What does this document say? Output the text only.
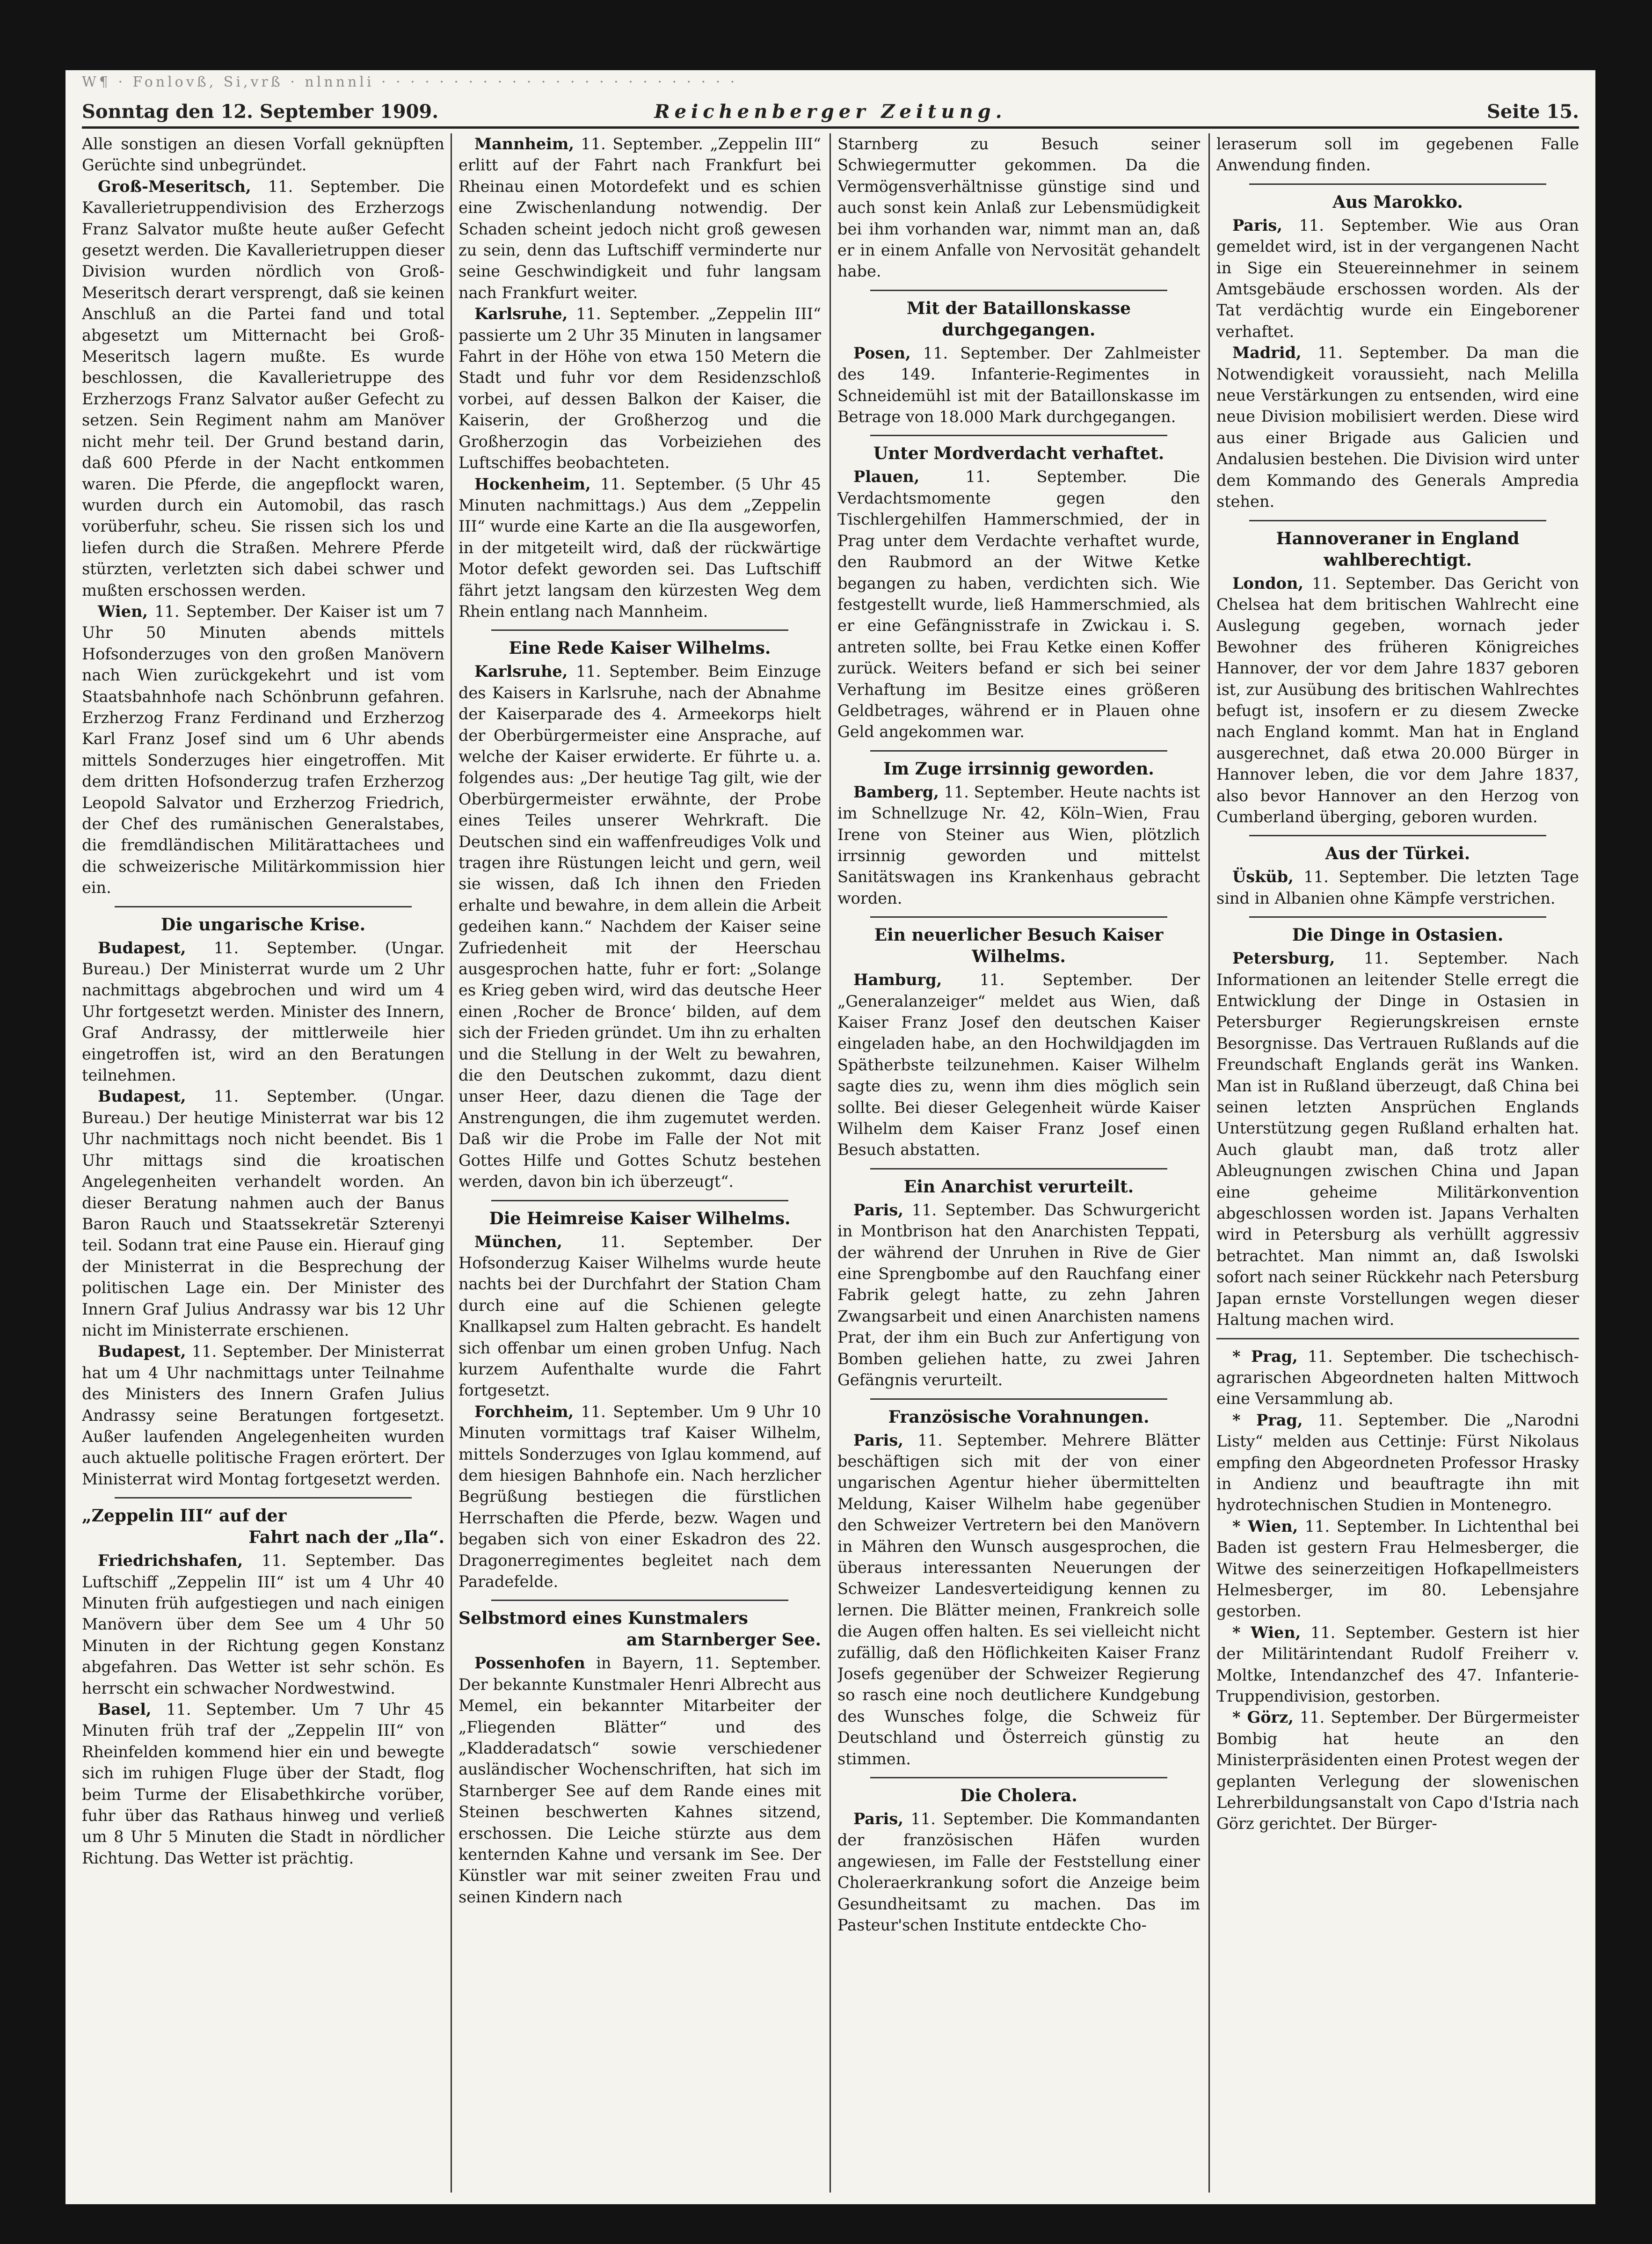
W¶ · Fonlovß, Si,vrß · nlnnnli · · · · · · · · · · · · · · · · · · · · · · · · ·
Reichenberger Zeitung.
Sonntag den 12. September 1909.	Seite 15.

Alle sonstigen an diesen Vorfall geknüpften Gerüchte sind unbegründet.

Groß-Meseritsch, 11. September. Die Kavallerietruppendivision des Erzherzogs Franz Salvator mußte heute außer Gefecht gesetzt werden. Die Kavallerietruppen dieser Division wurden nördlich von Groß-Meseritsch derart versprengt, daß sie keinen Anschluß an die Partei fand und total abgesetzt um Mitternacht bei Groß-Meseritsch lagern mußte. Es wurde beschlossen, die Kavallerietruppe des Erzherzogs Franz Salvator außer Gefecht zu setzen. Sein Regiment nahm am Manöver nicht mehr teil. Der Grund bestand darin, daß 600 Pferde in der Nacht entkommen waren. Die Pferde, die angepflockt waren, wurden durch ein Automobil, das rasch vorüberfuhr, scheu. Sie rissen sich los und liefen durch die Straßen. Mehrere Pferde stürzten, verletzten sich dabei schwer und mußten erschossen werden.

Wien, 11. September. Der Kaiser ist um 7 Uhr 50 Minuten abends mittels Hofsonderzuges von den großen Manövern nach Wien zurückgekehrt und ist vom Staatsbahnhofe nach Schönbrunn gefahren. Erzherzog Franz Ferdinand und Erzherzog Karl Franz Josef sind um 6 Uhr abends mittels Sonderzuges hier eingetroffen. Mit dem dritten Hofsonderzug trafen Erzherzog Leopold Salvator und Erzherzog Friedrich, der Chef des rumänischen Generalstabes, die fremdländischen Militärattachees und die schweizerische Militärkommission hier ein.

Die ungarische Krise.

Budapest, 11. September. (Ungar. Bureau.) Der Ministerrat wurde um 2 Uhr nachmittags abgebrochen und wird um 4 Uhr fortgesetzt werden. Minister des Innern, Graf Andrassy, der mittlerweile hier eingetroffen ist, wird an den Beratungen teilnehmen.

Budapest, 11. September. (Ungar. Bureau.) Der heutige Ministerrat war bis 12 Uhr nachmittags noch nicht beendet. Bis 1 Uhr mittags sind die kroatischen Angelegenheiten verhandelt worden. An dieser Beratung nahmen auch der Banus Baron Rauch und Staatssekretär Szterenyi teil. Sodann trat eine Pause ein. Hierauf ging der Ministerrat in die Besprechung der politischen Lage ein. Der Minister des Innern Graf Julius Andrassy war bis 12 Uhr nicht im Ministerrate erschienen.

Budapest, 11. September. Der Ministerrat hat um 4 Uhr nachmittags unter Teilnahme des Ministers des Innern Grafen Julius Andrassy seine Beratungen fortgesetzt. Außer laufenden Angelegenheiten wurden auch aktuelle politische Fragen erörtert. Der Ministerrat wird Montag fortgesetzt werden.

„Zeppelin III“ auf der
Fahrt nach der „Ila“.

Friedrichshafen, 11. September. Das Luftschiff „Zeppelin III“ ist um 4 Uhr 40 Minuten früh aufgestiegen und nach einigen Manövern über dem See um 4 Uhr 50 Minuten in der Richtung gegen Konstanz abgefahren. Das Wetter ist sehr schön. Es herrscht ein schwacher Nordwestwind.

Basel, 11. September. Um 7 Uhr 45 Minuten früh traf der „Zeppelin III“ von Rheinfelden kommend hier ein und bewegte sich im ruhigen Fluge über der Stadt, flog beim Turme der Elisabethkirche vorüber, fuhr über das Rathaus hinweg und verließ um 8 Uhr 5 Minuten die Stadt in nördlicher Richtung. Das Wetter ist prächtig.

Mannheim, 11. September. „Zeppelin III“ erlitt auf der Fahrt nach Frankfurt bei Rheinau einen Motordefekt und es schien eine Zwischenlandung notwendig. Der Schaden scheint jedoch nicht groß gewesen zu sein, denn das Luftschiff verminderte nur seine Geschwindigkeit und fuhr langsam nach Frankfurt weiter.

Karlsruhe, 11. September. „Zeppelin III“ passierte um 2 Uhr 35 Minuten in langsamer Fahrt in der Höhe von etwa 150 Metern die Stadt und fuhr vor dem Residenzschloß vorbei, auf dessen Balkon der Kaiser, die Kaiserin, der Großherzog und die Großherzogin das Vorbeiziehen des Luftschiffes beobachteten.

Hockenheim, 11. September. (5 Uhr 45 Minuten nachmittags.) Aus dem „Zeppelin III“ wurde eine Karte an die Ila ausgeworfen, in der mitgeteilt wird, daß der rückwärtige Motor defekt geworden sei. Das Luftschiff fährt jetzt langsam den kürzesten Weg dem Rhein entlang nach Mannheim.

Eine Rede Kaiser Wilhelms.

Karlsruhe, 11. September. Beim Einzuge des Kaisers in Karlsruhe, nach der Abnahme der Kaiserparade des 4. Armeekorps hielt der Oberbürgermeister eine Ansprache, auf welche der Kaiser erwiderte. Er führte u. a. folgendes aus: „Der heutige Tag gilt, wie der Oberbürgermeister erwähnte, der Probe eines Teiles unserer Wehrkraft. Die Deutschen sind ein waffenfreudiges Volk und tragen ihre Rüstungen leicht und gern, weil sie wissen, daß Ich ihnen den Frieden erhalte und bewahre, in dem allein die Arbeit gedeihen kann.“ Nachdem der Kaiser seine Zufriedenheit mit der Heerschau ausgesprochen hatte, fuhr er fort: „Solange es Krieg geben wird, wird das deutsche Heer einen ‚Rocher de Bronce‘ bilden, auf dem sich der Frieden gründet. Um ihn zu erhalten und die Stellung in der Welt zu bewahren, die den Deutschen zukommt, dazu dient unser Heer, dazu dienen die Tage der Anstrengungen, die ihm zugemutet werden. Daß wir die Probe im Falle der Not mit Gottes Hilfe und Gottes Schutz bestehen werden, davon bin ich überzeugt“.

Die Heimreise Kaiser Wilhelms.

München, 11. September. Der Hofsonderzug Kaiser Wilhelms wurde heute nachts bei der Durchfahrt der Station Cham durch eine auf die Schienen gelegte Knallkapsel zum Halten gebracht. Es handelt sich offenbar um einen groben Unfug. Nach kurzem Aufenthalte wurde die Fahrt fortgesetzt.

Forchheim, 11. September. Um 9 Uhr 10 Minuten vormittags traf Kaiser Wilhelm, mittels Sonderzuges von Iglau kommend, auf dem hiesigen Bahnhofe ein. Nach herzlicher Begrüßung bestiegen die fürstlichen Herrschaften die Pferde, bezw. Wagen und begaben sich von einer Eskadron des 22. Dragonerregimentes begleitet nach dem Paradefelde.

Selbstmord eines Kunstmalers
am Starnberger See.

Possenhofen in Bayern, 11. September. Der bekannte Kunstmaler Henri Albrecht aus Memel, ein bekannter Mitarbeiter der „Fliegenden Blätter“ und des „Kladderadatsch“ sowie verschiedener ausländischer Wochenschriften, hat sich im Starnberger See auf dem Rande eines mit Steinen beschwerten Kahnes sitzend, erschossen. Die Leiche stürzte aus dem kenternden Kahne und versank im See. Der Künstler war mit seiner zweiten Frau und seinen Kindern nach

Starnberg zu Besuch seiner Schwiegermutter gekommen. Da die Vermögensverhältnisse günstige sind und auch sonst kein Anlaß zur Lebensmüdigkeit bei ihm vorhanden war, nimmt man an, daß er in einem Anfalle von Nervosität gehandelt habe.

Mit der Bataillonskasse durchgegangen.

Posen, 11. September. Der Zahlmeister des 149. Infanterie-Regimentes in Schneidemühl ist mit der Bataillonskasse im Betrage von 18.000 Mark durchgegangen.

Unter Mordverdacht verhaftet.

Plauen, 11. September. Die Verdachtsmomente gegen den Tischlergehilfen Hammerschmied, der in Prag unter dem Verdachte verhaftet wurde, den Raubmord an der Witwe Ketke begangen zu haben, verdichten sich. Wie festgestellt wurde, ließ Hammerschmied, als er eine Gefängnisstrafe in Zwickau i. S. antreten sollte, bei Frau Ketke einen Koffer zurück. Weiters befand er sich bei seiner Verhaftung im Besitze eines größeren Geldbetrages, während er in Plauen ohne Geld angekommen war.

Im Zuge irrsinnig geworden.

Bamberg, 11. September. Heute nachts ist im Schnellzuge Nr. 42, Köln–Wien, Frau Irene von Steiner aus Wien, plötzlich irrsinnig geworden und mittelst Sanitätswagen ins Krankenhaus gebracht worden.

Ein neuerlicher Besuch Kaiser Wilhelms.

Hamburg, 11. September. Der „Generalanzeiger“ meldet aus Wien, daß Kaiser Franz Josef den deutschen Kaiser eingeladen habe, an den Hochwildjagden im Spätherbste teilzunehmen. Kaiser Wilhelm sagte dies zu, wenn ihm dies möglich sein sollte. Bei dieser Gelegenheit würde Kaiser Wilhelm dem Kaiser Franz Josef einen Besuch abstatten.

Ein Anarchist verurteilt.

Paris, 11. September. Das Schwurgericht in Montbrison hat den Anarchisten Teppati, der während der Unruhen in Rive de Gier eine Sprengbombe auf den Rauchfang einer Fabrik gelegt hatte, zu zehn Jahren Zwangsarbeit und einen Anarchisten namens Prat, der ihm ein Buch zur Anfertigung von Bomben geliehen hatte, zu zwei Jahren Gefängnis verurteilt.

Französische Vorahnungen.

Paris, 11. September. Mehrere Blätter beschäftigen sich mit der von einer ungarischen Agentur hieher übermittelten Meldung, Kaiser Wilhelm habe gegenüber den Schweizer Vertretern bei den Manövern in Mähren den Wunsch ausgesprochen, die überaus interessanten Neuerungen der Schweizer Landesverteidigung kennen zu lernen. Die Blätter meinen, Frankreich solle die Augen offen halten. Es sei vielleicht nicht zufällig, daß den Höflichkeiten Kaiser Franz Josefs gegenüber der Schweizer Regierung so rasch eine noch deutlichere Kundgebung des Wunsches folge, die Schweiz für Deutschland und Österreich günstig zu stimmen.

Die Cholera.

Paris, 11. September. Die Kommandanten der französischen Häfen wurden angewiesen, im Falle der Feststellung einer Choleraerkrankung sofort die Anzeige beim Gesundheitsamt zu machen. Das im Pasteur'schen Institute entdeckte Cho-

leraserum soll im gegebenen Falle Anwendung finden.

Aus Marokko.

Paris, 11. September. Wie aus Oran gemeldet wird, ist in der vergangenen Nacht in Sige ein Steuereinnehmer in seinem Amtsgebäude erschossen worden. Als der Tat verdächtig wurde ein Eingeborener verhaftet.

Madrid, 11. September. Da man die Notwendigkeit voraussieht, nach Melilla neue Verstärkungen zu entsenden, wird eine neue Division mobilisiert werden. Diese wird aus einer Brigade aus Galicien und Andalusien bestehen. Die Division wird unter dem Kommando des Generals Ampredia stehen.

Hannoveraner in England wahlberechtigt.

London, 11. September. Das Gericht von Chelsea hat dem britischen Wahlrecht eine Auslegung gegeben, wornach jeder Bewohner des früheren Königreiches Hannover, der vor dem Jahre 1837 geboren ist, zur Ausübung des britischen Wahlrechtes befugt ist, insofern er zu diesem Zwecke nach England kommt. Man hat in England ausgerechnet, daß etwa 20.000 Bürger in Hannover leben, die vor dem Jahre 1837, also bevor Hannover an den Herzog von Cumberland überging, geboren wurden.

Aus der Türkei.

Üsküb, 11. September. Die letzten Tage sind in Albanien ohne Kämpfe verstrichen.

Die Dinge in Ostasien.

Petersburg, 11. September. Nach Informationen an leitender Stelle erregt die Entwicklung der Dinge in Ostasien in Petersburger Regierungskreisen ernste Besorgnisse. Das Vertrauen Rußlands auf die Freundschaft Englands gerät ins Wanken. Man ist in Rußland überzeugt, daß China bei seinen letzten Ansprüchen Englands Unterstützung gegen Rußland erhalten hat. Auch glaubt man, daß trotz aller Ableugnungen zwischen China und Japan eine geheime Militärkonvention abgeschlossen worden ist. Japans Verhalten wird in Petersburg als verhüllt aggressiv betrachtet. Man nimmt an, daß Iswolski sofort nach seiner Rückkehr nach Petersburg Japan ernste Vorstellungen wegen dieser Haltung machen wird.

* Prag, 11. September. Die tschechisch-agrarischen Abgeordneten halten Mittwoch eine Versammlung ab.

* Prag, 11. September. Die „Narodni Listy“ melden aus Cettinje: Fürst Nikolaus empfing den Abgeordneten Professor Hrasky in Andienz und beauftragte ihn mit hydrotechnischen Studien in Montenegro.

* Wien, 11. September. In Lichtenthal bei Baden ist gestern Frau Helmesberger, die Witwe des seinerzeitigen Hofkapellmeisters Helmesberger, im 80. Lebensjahre gestorben.

* Wien, 11. September. Gestern ist hier der Militärintendant Rudolf Freiherr v. Moltke, Intendanzchef des 47. Infanterie-Truppendivision, gestorben.

* Görz, 11. September. Der Bürgermeister Bombig hat heute an den Ministerpräsidenten einen Protest wegen der geplanten Verlegung der slowenischen Lehrerbildungsanstalt von Capo d'Istria nach Görz gerichtet. Der Bürger-
